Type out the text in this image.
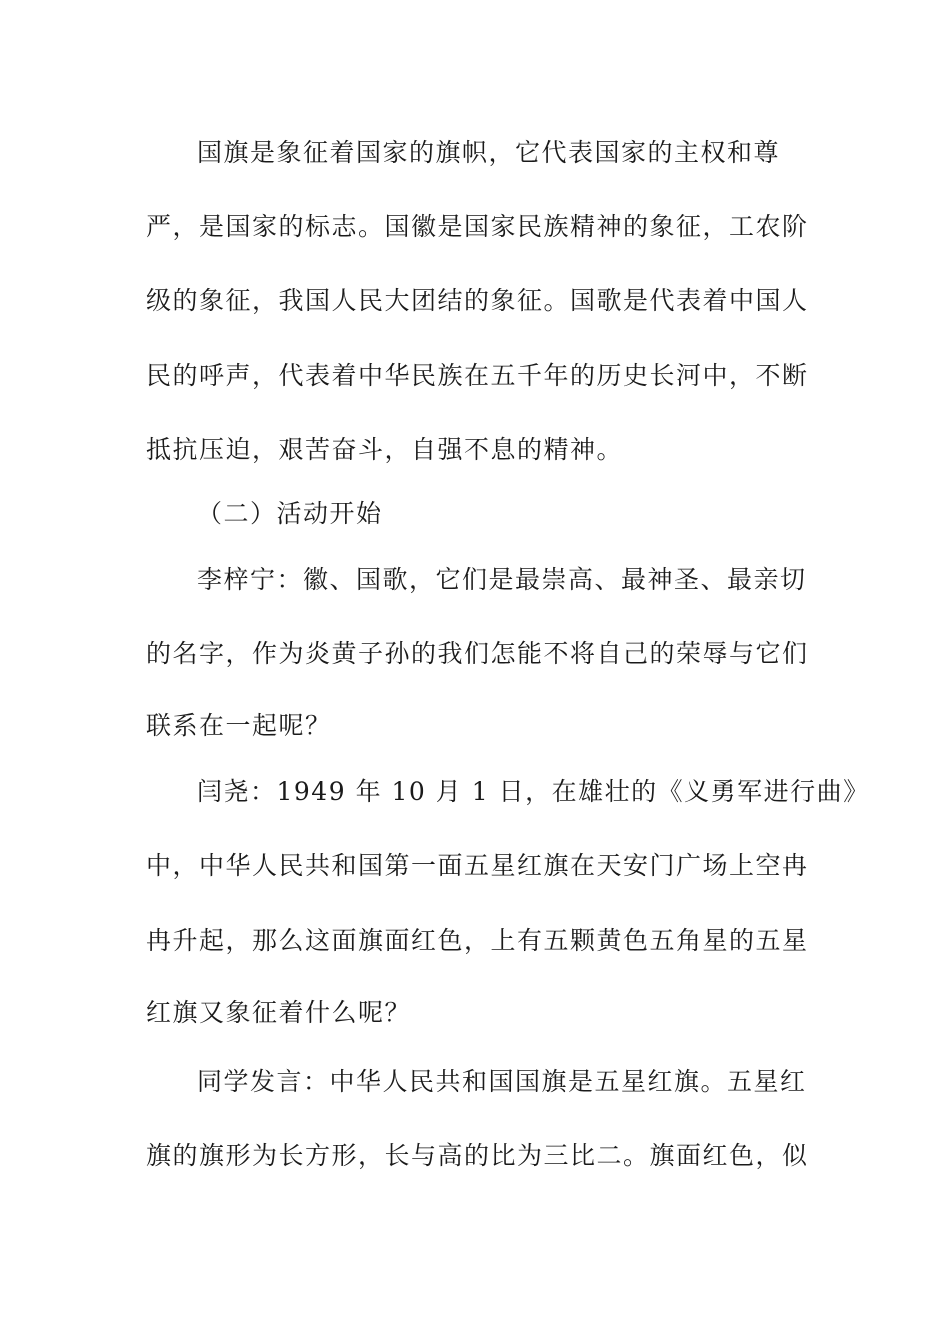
国旗是象征着国家的旗帜，它代表国家的主权和尊

严，是国家的标志。国徽是国家民族精神的象征，工农阶

级的象征，我国人民大团结的象征。国歌是代表着中国人

民的呼声，代表着中华民族在五千年的历史长河中，不断

抵抗压迫，艰苦奋斗，自强不息的精神。

（二）活动开始

李梓宁：徽、国歌，它们是最崇高、最神圣、最亲切

的名字，作为炎黄子孙的我们怎能不将自己的荣辱与它们

联系在一起呢？

闫尧：1949 年 10 月 1 日，在雄壮的《义勇军进行曲》

中，中华人民共和国第一面五星红旗在天安门广场上空冉

冉升起，那么这面旗面红色，上有五颗黄色五角星的五星

红旗又象征着什么呢？

同学发言：中华人民共和国国旗是五星红旗。五星红

旗的旗形为长方形，长与高的比为三比二。旗面红色，似
